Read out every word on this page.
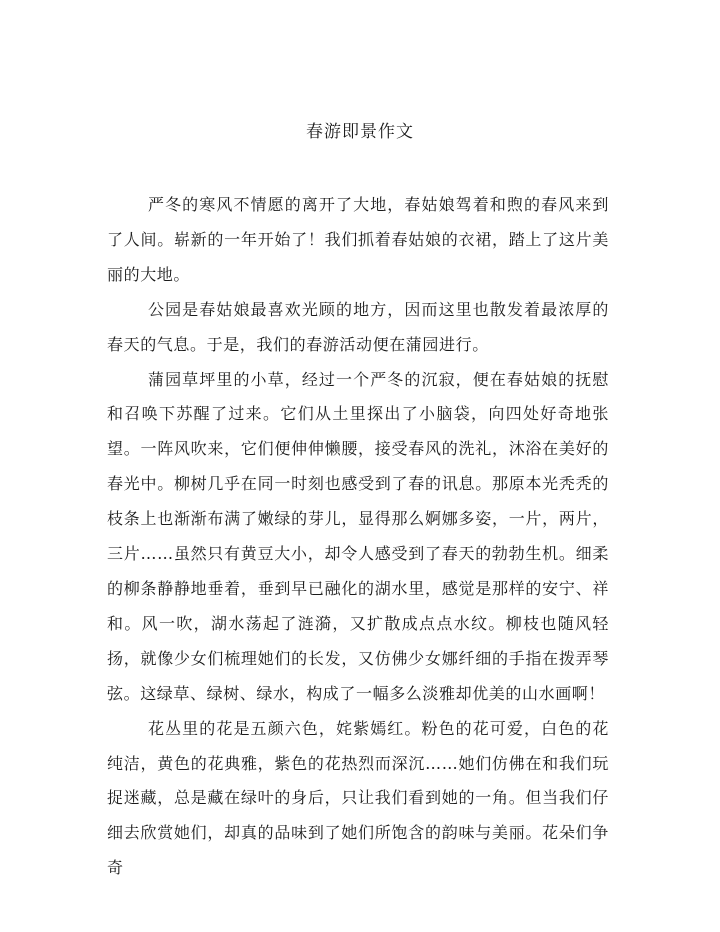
春游即景作文

严冬的寒风不情愿的离开了大地，春姑娘驾着和煦的春风来到了人间。崭新的一年开始了！我们抓着春姑娘的衣裙，踏上了这片美丽的大地。

公园是春姑娘最喜欢光顾的地方，因而这里也散发着最浓厚的春天的气息。于是，我们的春游活动便在蒲园进行。

蒲园草坪里的小草，经过一个严冬的沉寂，便在春姑娘的抚慰和召唤下苏醒了过来。它们从土里探出了小脑袋，向四处好奇地张望。一阵风吹来，它们便伸伸懒腰，接受春风的洗礼，沐浴在美好的春光中。柳树几乎在同一时刻也感受到了春的讯息。那原本光秃秃的枝条上也渐渐布满了嫩绿的芽儿，显得那么婀娜多姿，一片，两片，三片……虽然只有黄豆大小，却令人感受到了春天的勃勃生机。细柔的柳条静静地垂着，垂到早已融化的湖水里，感觉是那样的安宁、祥和。风一吹，湖水荡起了涟漪，又扩散成点点水纹。柳枝也随风轻扬，就像少女们梳理她们的长发，又仿佛少女娜纤细的手指在拨弄琴弦。这绿草、绿树、绿水，构成了一幅多么淡雅却优美的山水画啊！

花丛里的花是五颜六色，姹紫嫣红。粉色的花可爱，白色的花纯洁，黄色的花典雅，紫色的花热烈而深沉……她们仿佛在和我们玩捉迷藏，总是藏在绿叶的身后，只让我们看到她的一角。但当我们仔细去欣赏她们，却真的品味到了她们所饱含的韵味与美丽。花朵们争奇
